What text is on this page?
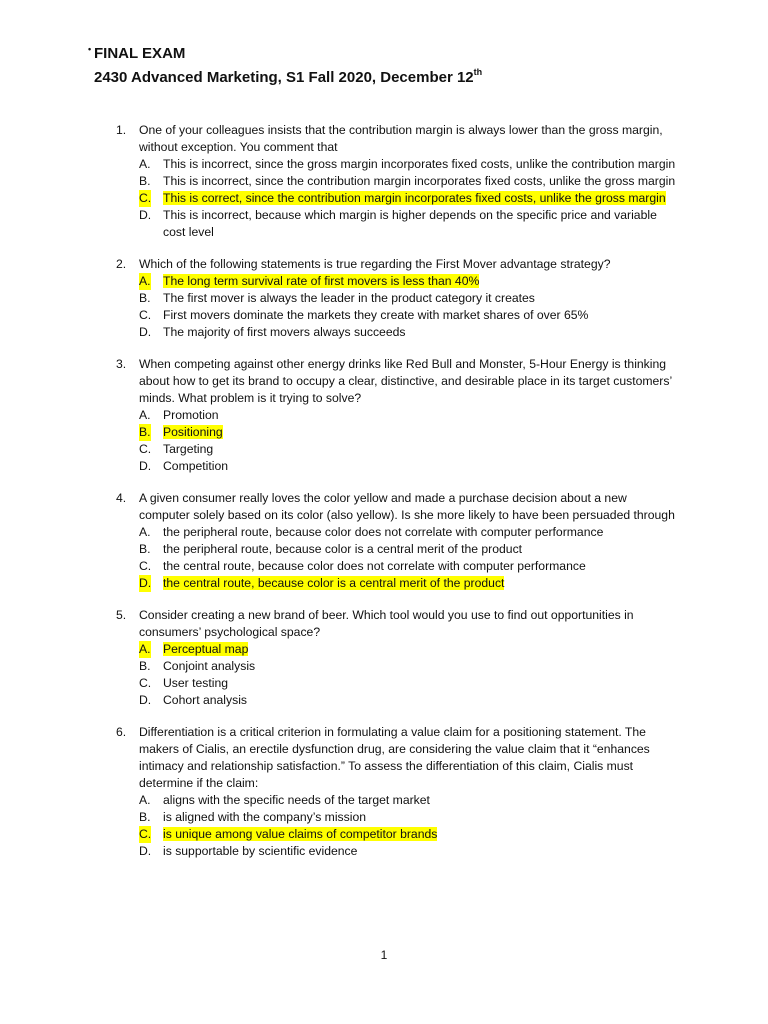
• FINAL EXAM
2430 Advanced Marketing, S1 Fall 2020, December 12th
1. One of your colleagues insists that the contribution margin is always lower than the gross margin, without exception. You comment that
A. This is incorrect, since the gross margin incorporates fixed costs, unlike the contribution margin
B. This is incorrect, since the contribution margin incorporates fixed costs, unlike the gross margin
C. This is correct, since the contribution margin incorporates fixed costs, unlike the gross margin
D. This is incorrect, because which margin is higher depends on the specific price and variable cost level
2. Which of the following statements is true regarding the First Mover advantage strategy?
A. The long term survival rate of first movers is less than 40%
B. The first mover is always the leader in the product category it creates
C. First movers dominate the markets they create with market shares of over 65%
D. The majority of first movers always succeeds
3. When competing against other energy drinks like Red Bull and Monster, 5-Hour Energy is thinking about how to get its brand to occupy a clear, distinctive, and desirable place in its target customers’ minds. What problem is it trying to solve?
A. Promotion
B. Positioning
C. Targeting
D. Competition
4. A given consumer really loves the color yellow and made a purchase decision about a new computer solely based on its color (also yellow). Is she more likely to have been persuaded through
A. the peripheral route, because color does not correlate with computer performance
B. the peripheral route, because color is a central merit of the product
C. the central route, because color does not correlate with computer performance
D. the central route, because color is a central merit of the product
5. Consider creating a new brand of beer. Which tool would you use to find out opportunities in consumers’ psychological space?
A. Perceptual map
B. Conjoint analysis
C. User testing
D. Cohort analysis
6. Differentiation is a critical criterion in formulating a value claim for a positioning statement. The makers of Cialis, an erectile dysfunction drug, are considering the value claim that it “enhances intimacy and relationship satisfaction.” To assess the differentiation of this claim, Cialis must determine if the claim:
A. aligns with the specific needs of the target market
B. is aligned with the company’s mission
C. is unique among value claims of competitor brands
D. is supportable by scientific evidence
1
